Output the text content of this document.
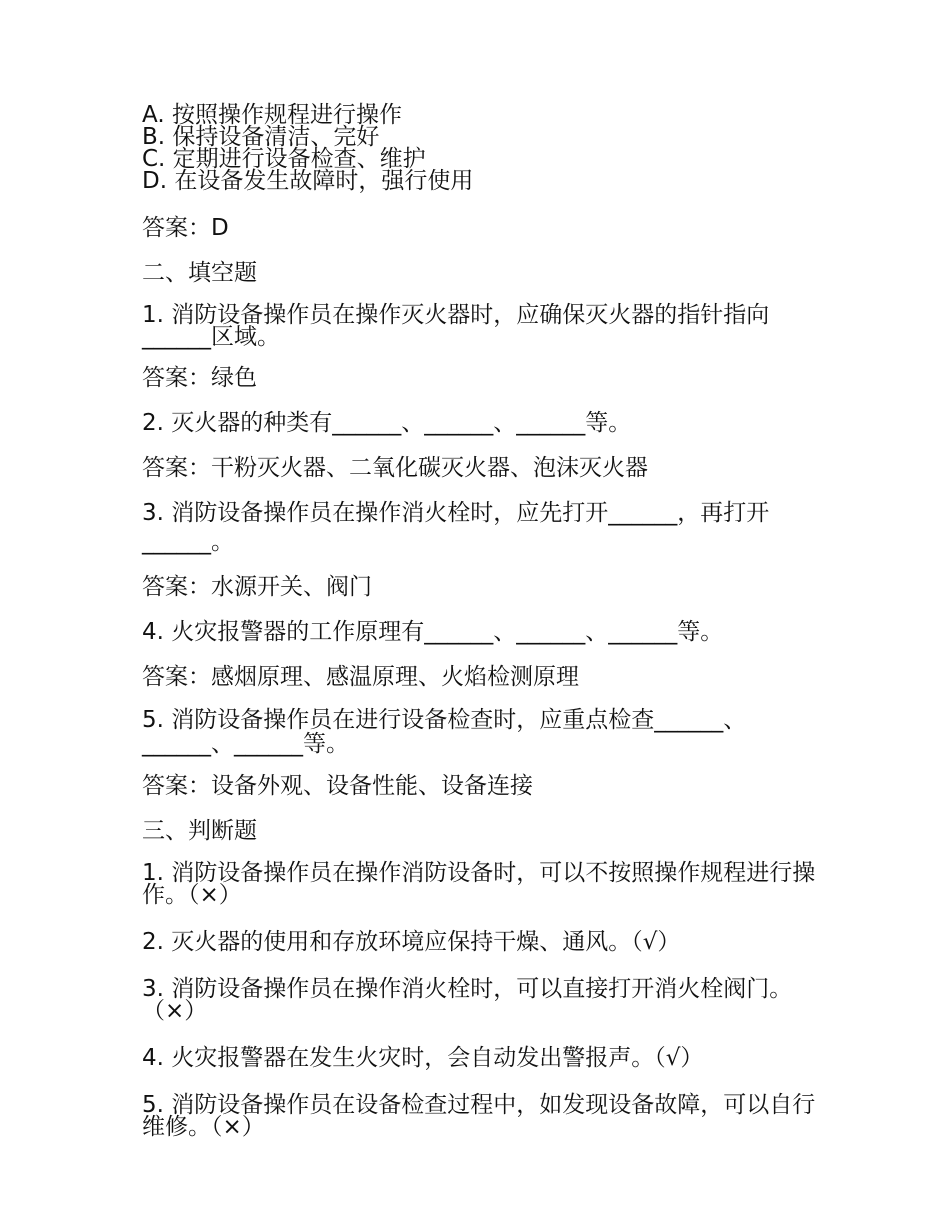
A. 按照操作规程进行操作
B. 保持设备清洁、完好
C. 定期进行设备检查、维护
D. 在设备发生故障时，强行使用
答案：D
二、填空题
1. 消防设备操作员在操作灭火器时，应确保灭火器的指针指向______区域。
答案：绿色
2. 灭火器的种类有______、______、______等。
答案：干粉灭火器、二氧化碳灭火器、泡沫灭火器
3. 消防设备操作员在操作消火栓时，应先打开______，再打开______。
答案：水源开关、阀门
4. 火灾报警器的工作原理有______、______、______等。
答案：感烟原理、感温原理、火焰检测原理
5. 消防设备操作员在进行设备检查时，应重点检查______、______、______等。
答案：设备外观、设备性能、设备连接
三、判断题
1. 消防设备操作员在操作消防设备时，可以不按照操作规程进行操作。（×）
2. 灭火器的使用和存放环境应保持干燥、通风。（√）
3. 消防设备操作员在操作消火栓时，可以直接打开消火栓阀门。（×）
4. 火灾报警器在发生火灾时，会自动发出警报声。（√）
5. 消防设备操作员在设备检查过程中，如发现设备故障，可以自行维修。（×）
